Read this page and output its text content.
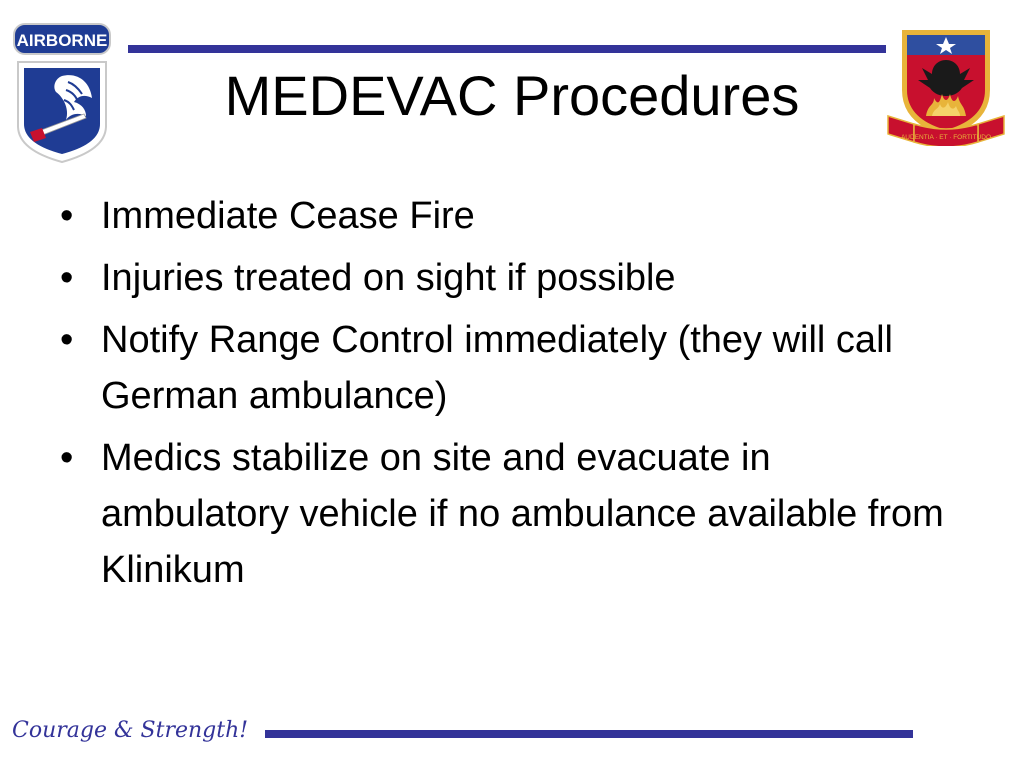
AIRBORNE
AUDENTIA · ET · FORTITUDO
MEDEVAC Procedures
• Immediate Cease Fire
• Injuries treated on sight if possible
• Notify Range Control immediately (they will call German ambulance)
• Medics stabilize on site and evacuate in ambulatory vehicle if no ambulance available from Klinikum
Courage & Strength!
